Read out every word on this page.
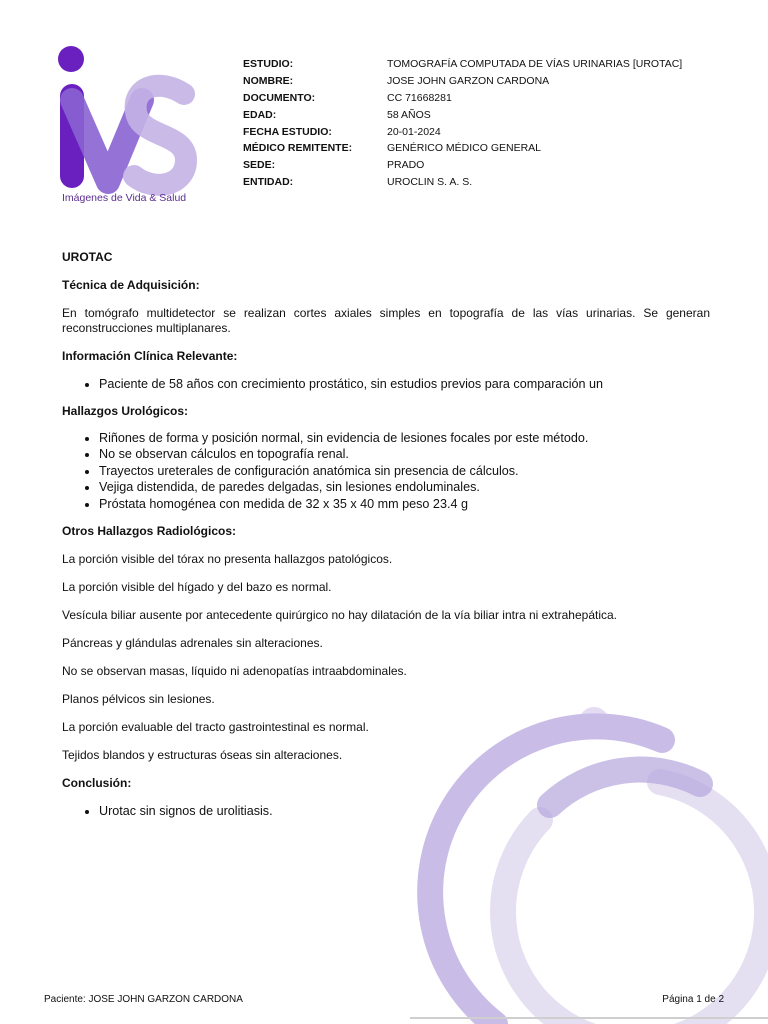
Imágenes de Vida & Salud
ESTUDIO:	TOMOGRAFÍA COMPUTADA DE VÍAS URINARIAS [UROTAC]
NOMBRE:	JOSE JOHN GARZON CARDONA
DOCUMENTO:	CC 71668281
EDAD:	58 AÑOS
FECHA ESTUDIO:	20-01-2024
MÉDICO REMITENTE:	GENÉRICO MÉDICO GENERAL
SEDE:	PRADO
ENTIDAD:	UROCLIN S. A. S.

UROTAC

Técnica de Adquisición:

En tomógrafo multidetector se realizan cortes axiales simples en topografía de las vías urinarias. Se generan reconstrucciones multiplanares.

Información Clínica Relevante:

• Paciente de 58 años con crecimiento prostático, sin estudios previos para comparación un

Hallazgos Urológicos:

• Riñones de forma y posición normal, sin evidencia de lesiones focales por este método.
• No se observan cálculos en topografía renal.
• Trayectos ureterales de configuración anatómica sin presencia de cálculos.
• Vejiga distendida, de paredes delgadas, sin lesiones endoluminales.
• Próstata homogénea con medida de 32 x 35 x 40 mm peso 23.4 g

Otros Hallazgos Radiológicos:

La porción visible del tórax no presenta hallazgos patológicos.

La porción visible del hígado y del bazo es normal.

Vesícula biliar ausente por antecedente quirúrgico no hay dilatación de la vía biliar intra ni extrahepática.

Páncreas y glándulas adrenales sin alteraciones.

No se observan masas, líquido ni adenopatías intraabdominales.

Planos pélvicos sin lesiones.

La porción evaluable del tracto gastrointestinal es normal.

Tejidos blandos y estructuras óseas sin alteraciones.

Conclusión:

• Urotac sin signos de urolitiasis.
Paciente: JOSE JOHN GARZON CARDONA	Página 1 de 2
